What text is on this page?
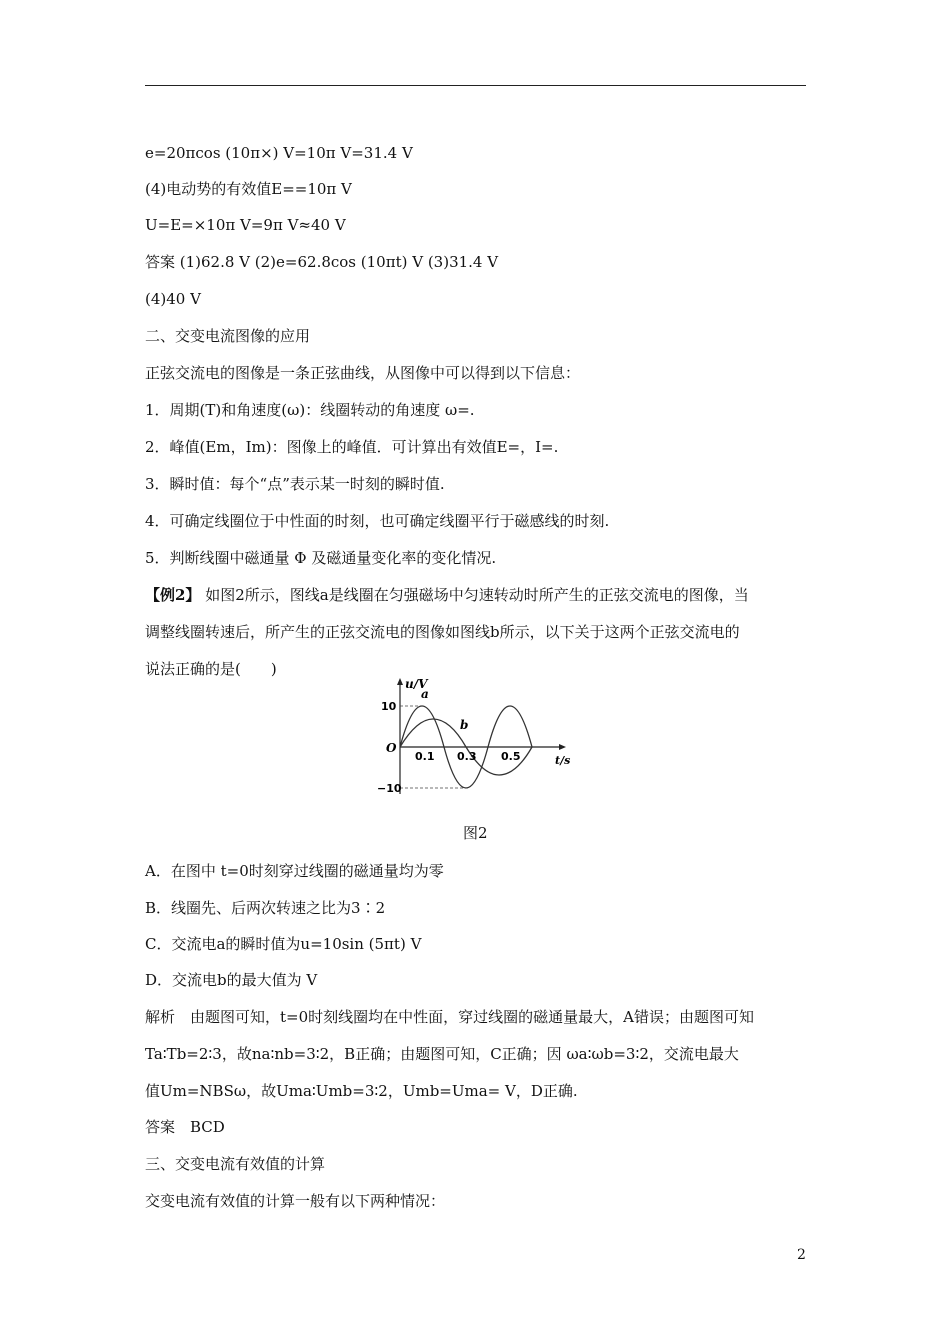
e=20πcos (10π×) V=10π V=31.4 V
(4)电动势的有效值E==10π V
U=E=×10π V=9π V≈40 V
答案 (1)62.8 V (2)e=62.8cos (10πt) V (3)31.4 V
(4)40 V
二、交变电流图像的应用
正弦交流电的图像是一条正弦曲线，从图像中可以得到以下信息：
1．周期(T)和角速度(ω)：线圈转动的角速度 ω=.
2．峰值(Em，Im)：图像上的峰值．可计算出有效值E=，I=.
3．瞬时值：每个“点”表示某一时刻的瞬时值.
4．可确定线圈位于中性面的时刻，也可确定线圈平行于磁感线的时刻.
5．判断线圈中磁通量 Φ 及磁通量变化率的变化情况.
【例2】 如图2所示，图线a是线圈在匀强磁场中匀速转动时所产生的正弦交流电的图像，当
调整线圈转速后，所产生的正弦交流电的图像如图线b所示，以下关于这两个正弦交流电的
说法正确的是(　　)
u/V
t/s
O
10
−10
0.1 0.3 0.5
a
b
图2
A．在图中 t=0时刻穿过线圈的磁通量均为零
B．线圈先、后两次转速之比为3∶2
C．交流电a的瞬时值为u=10sin (5πt) V
D．交流电b的最大值为 V
解析　由题图可知，t=0时刻线圈均在中性面，穿过线圈的磁通量最大，A错误；由题图可知
Ta∶Tb=2∶3，故na∶nb=3∶2，B正确；由题图可知，C正确；因 ωa∶ωb=3∶2，交流电最大
值Um=NBSω，故Uma∶Umb=3∶2，Umb=Uma= V，D正确.
答案　BCD
三、交变电流有效值的计算
交变电流有效值的计算一般有以下两种情况：
2
